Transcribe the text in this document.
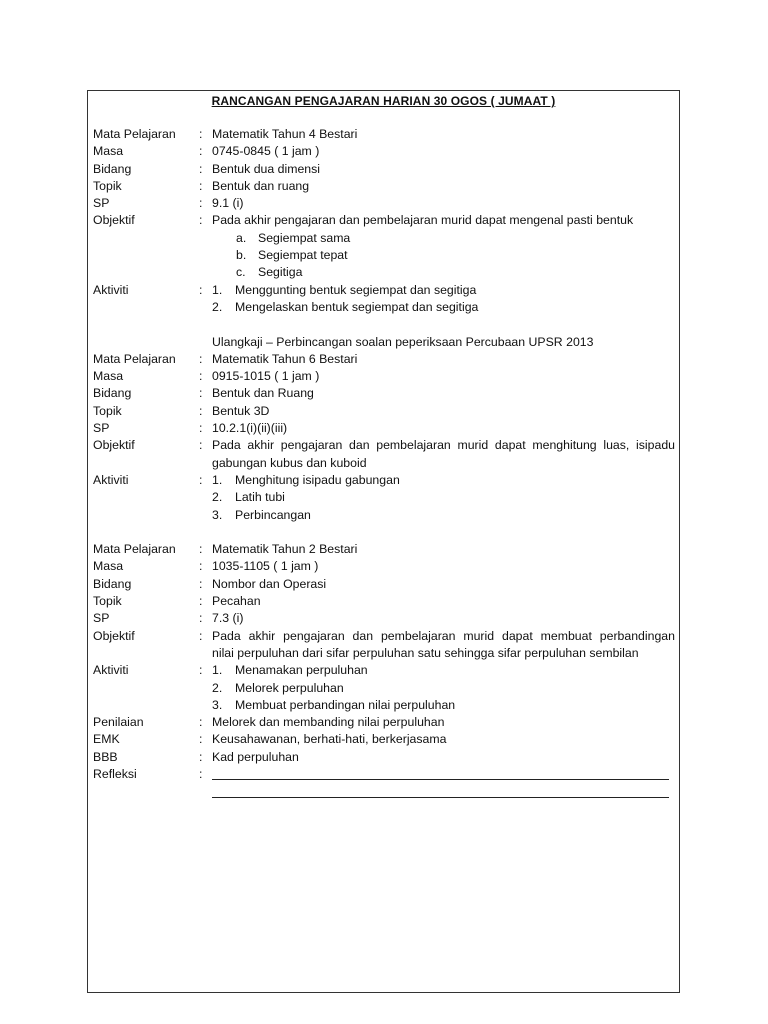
RANCANGAN PENGAJARAN HARIAN 30 OGOS ( JUMAAT )
Mata Pelajaran	: Matematik Tahun 4 Bestari
Masa	: 0745-0845 ( 1 jam )
Bidang	: Bentuk dua dimensi
Topik	: Bentuk dan ruang
SP	: 9.1 (i)
Objektif	: Pada akhir pengajaran dan pembelajaran murid dapat mengenal pasti bentuk
a. Segiempat sama
b. Segiempat tepat
c.	Segitiga
Aktiviti	: 1.	Menggunting bentuk segiempat dan segitiga
2.	Mengelaskan bentuk segiempat dan segitiga
Ulangkaji – Perbincangan soalan peperiksaan Percubaan UPSR 2013
Mata Pelajaran	: Matematik Tahun 6 Bestari
Masa	: 0915-1015 ( 1 jam )
Bidang	: Bentuk dan Ruang
Topik	: Bentuk 3D
SP	: 10.2.1(i)(ii)(iii)
Objektif	: Pada akhir pengajaran dan pembelajaran murid dapat menghitung luas, isipadu
gabungan kubus dan kuboid
Aktiviti	: 1.	Menghitung isipadu gabungan
2.	Latih tubi
3.	Perbincangan
Mata Pelajaran	: Matematik Tahun 2 Bestari
Masa	: 1035-1105 ( 1 jam )
Bidang	: Nombor dan Operasi
Topik	: Pecahan
SP	: 7.3 (i)
Objektif	: Pada akhir pengajaran dan pembelajaran murid dapat membuat perbandingan
nilai perpuluhan dari sifar perpuluhan satu sehingga sifar perpuluhan sembilan
Aktiviti	: 1.	Menamakan perpuluhan
2.	Melorek perpuluhan
3.	Membuat perbandingan nilai perpuluhan
Penilaian	: Melorek dan membanding nilai perpuluhan
EMK	: Keusahawanan, berhati-hati, berkerjasama
BBB	: Kad perpuluhan
Refleksi	:
